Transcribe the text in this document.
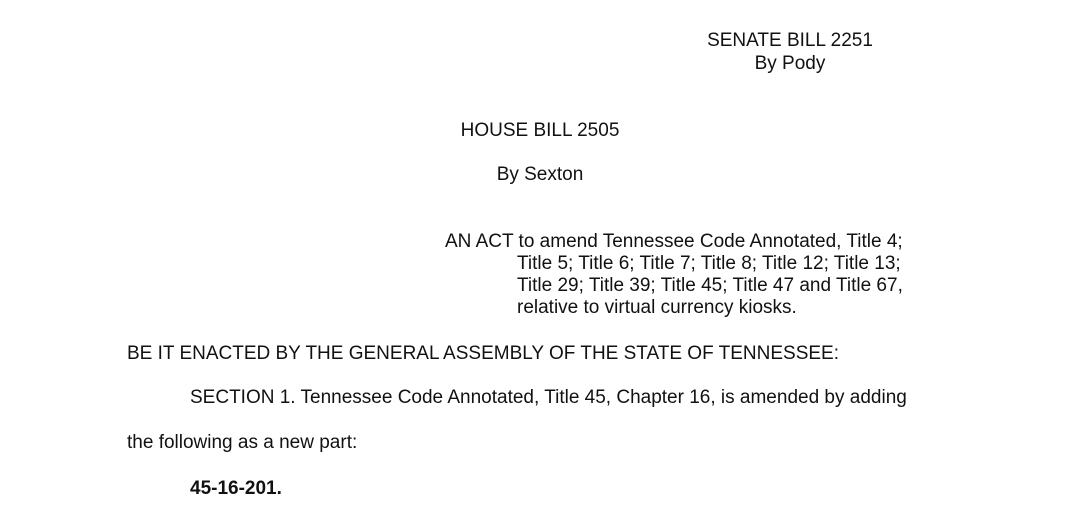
SENATE BILL 2251
By Pody
HOUSE BILL 2505
By Sexton
AN ACT to amend Tennessee Code Annotated, Title 4;
Title 5; Title 6; Title 7; Title 8; Title 12; Title 13;
Title 29; Title 39; Title 45; Title 47 and Title 67,
relative to virtual currency kiosks.
BE IT ENACTED BY THE GENERAL ASSEMBLY OF THE STATE OF TENNESSEE:
SECTION 1. Tennessee Code Annotated, Title 45, Chapter 16, is amended by adding
the following as a new part:
45-16-201.
